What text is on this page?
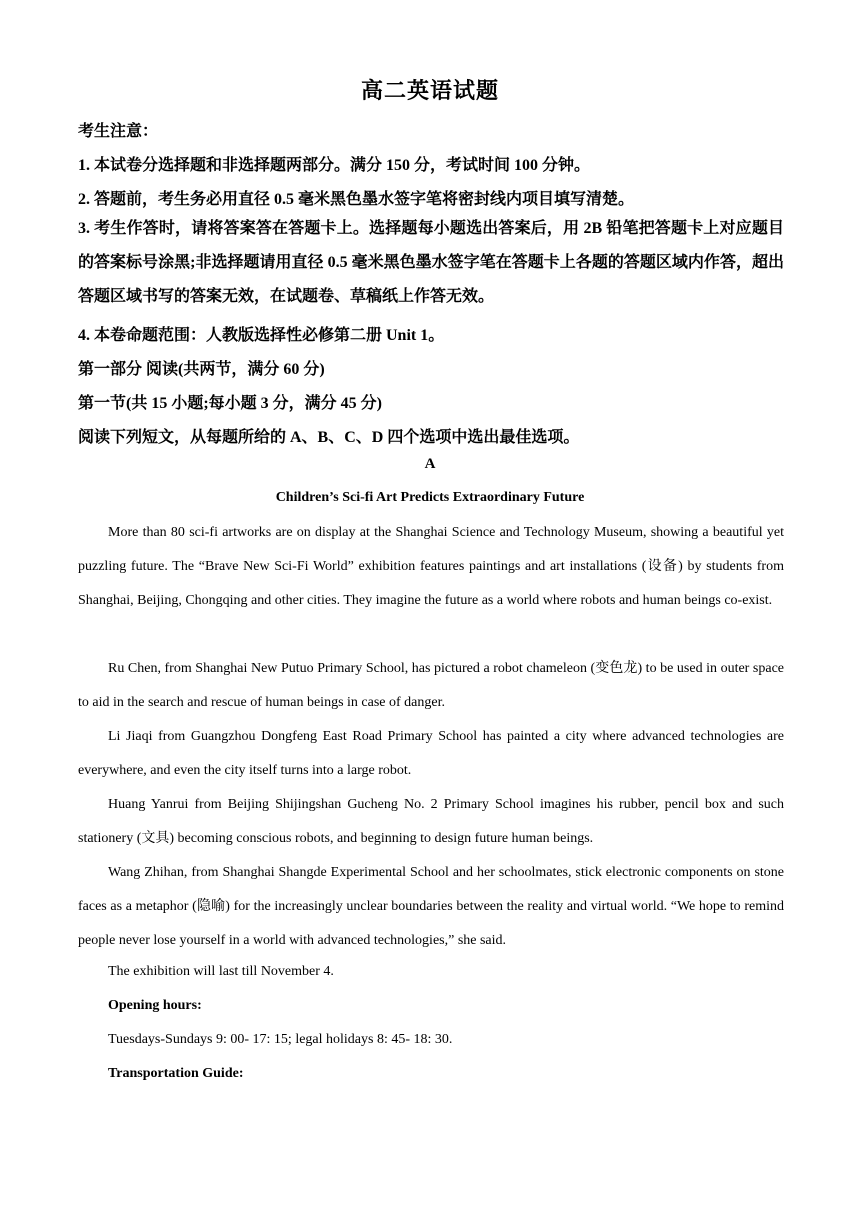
高二英语试题
考生注意：
1. 本试卷分选择题和非选择题两部分。满分 150 分，考试时间 100 分钟。
2. 答题前，考生务必用直径 0.5 毫米黑色墨水签字笔将密封线内项目填写清楚。
3. 考生作答时，请将答案答在答题卡上。选择题每小题选出答案后，用 2B 铅笔把答题卡上对应题目的答案标号涂黑;非选择题请用直径 0.5 毫米黑色墨水签字笔在答题卡上各题的答题区域内作答，超出答题区域书写的答案无效，在试题卷、草稿纸上作答无效。
4. 本卷命题范围：人教版选择性必修第二册 Unit 1。
第一部分 阅读(共两节，满分 60 分)
第一节(共 15 小题;每小题 3 分，满分 45 分)
阅读下列短文，从每题所给的 A、B、C、D 四个选项中选出最佳选项。
A
Children’s Sci-fi Art Predicts Extraordinary Future
More than 80 sci-fi artworks are on display at the Shanghai Science and Technology Museum, showing a beautiful yet puzzling future. The “Brave New Sci-Fi World” exhibition features paintings and art installations (设备) by students from Shanghai, Beijing, Chongqing and other cities. They imagine the future as a world where robots and human beings co-exist.
Ru Chen, from Shanghai New Putuo Primary School, has pictured a robot chameleon (变色龙) to be used in outer space to aid in the search and rescue of human beings in case of danger.
Li Jiaqi from Guangzhou Dongfeng East Road Primary School has painted a city where advanced technologies are everywhere, and even the city itself turns into a large robot.
Huang Yanrui from Beijing Shijingshan Gucheng No. 2 Primary School imagines his rubber, pencil box and such stationery (文具) becoming conscious robots, and beginning to design future human beings.
Wang Zhihan, from Shanghai Shangde Experimental School and her schoolmates, stick electronic components on stone faces as a metaphor (隐喻) for the increasingly unclear boundaries between the reality and virtual world. “We hope to remind people never lose yourself in a world with advanced technologies,” she said.
The exhibition will last till November 4.
Opening hours:
Tuesdays-Sundays 9: 00- 17: 15; legal holidays 8: 45- 18: 30.
Transportation Guide:
